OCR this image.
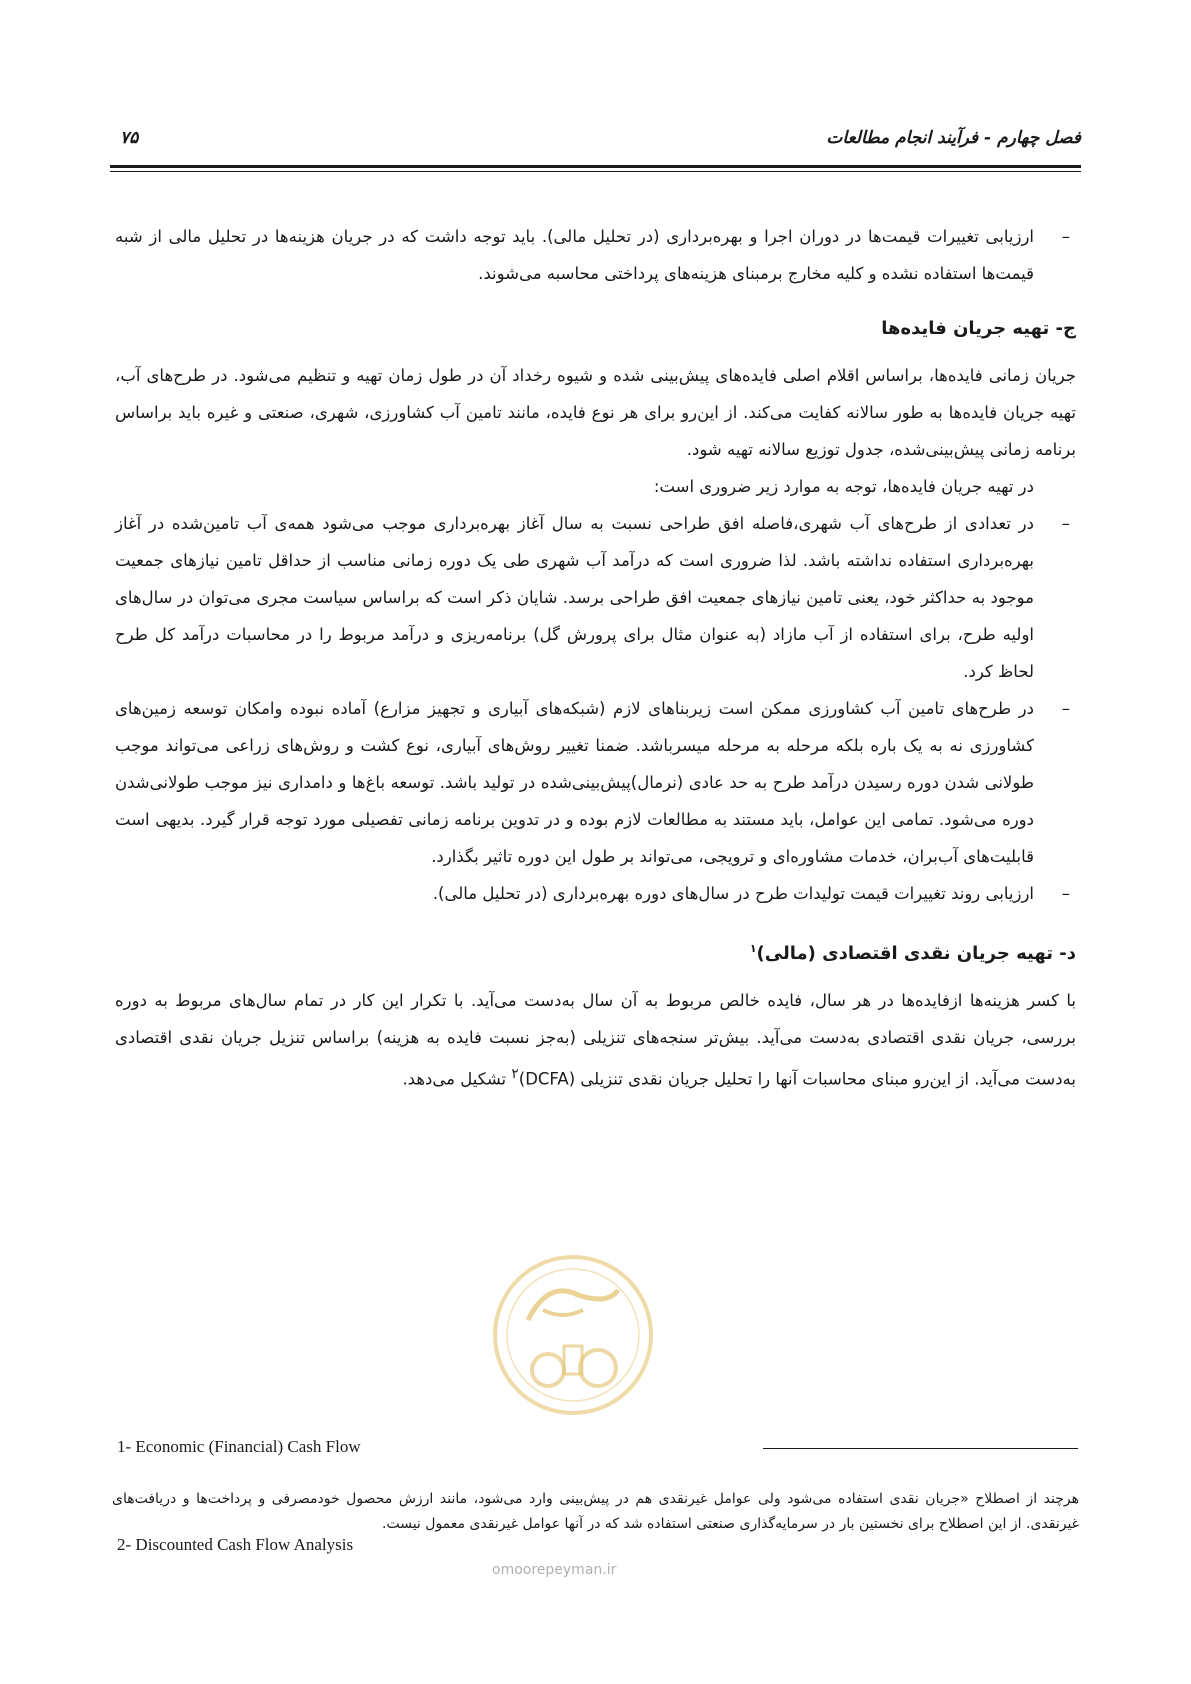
فصل چهارم - فرآیند انجام مطالعات
۷۵

–
ارزیابی تغییرات قیمت‌ها در دوران اجرا و بهره‌برداری (در تحلیل مالی). باید توجه داشت که در جریان هزینه‌ها در تحلیل مالی از شبه قیمت‌ها استفاده نشده و کلیه مخارج برمبنای هزینه‌های پرداختی محاسبه می‌شوند.

ج- تهیه جریان فایده‌ها

جریان زمانی فایده‌ها، براساس اقلام اصلی فایده‌های پیش‌بینی شده و شیوه رخداد آن در طول زمان تهیه و تنظیم می‌شود. در طرح‌های آب، تهیه جریان فایده‌ها به طور سالانه کفایت می‌کند. از این‌رو برای هر نوع فایده، مانند تامین آب کشاورزی، شهری، صنعتی و غیره باید براساس برنامه زمانی پیش‌بینی‌شده، جدول توزیع سالانه تهیه شود.

در تهیه جریان فایده‌ها، توجه به موارد زیر ضروری است:

–
در تعدادی از طرح‌های آب شهری،فاصله افق طراحی نسبت به سال آغاز بهره‌برداری موجب می‌شود همه‌ی آب تامین‌شده در آغاز بهره‌برداری استفاده نداشته باشد. لذا ضروری است که درآمد آب شهری طی یک دوره زمانی مناسب از حداقل تامین نیازهای جمعیت موجود به حداکثر خود، یعنی تامین نیازهای جمعیت افق طراحی برسد. شایان ذکر است که براساس سیاست مجری می‌توان در سال‌های اولیه طرح، برای استفاده از آب مازاد (به عنوان مثال برای پرورش گل) برنامه‌ریزی و درآمد مربوط را در محاسبات درآمد کل طرح لحاظ کرد.

–
در طرح‌های تامین آب کشاورزی ممکن است زیربناهای لازم (شبکه‌های آبیاری و تجهیز مزارع) آماده نبوده وامکان توسعه زمین‌های کشاورزی نه به یک باره بلکه مرحله به مرحله میسرباشد. ضمنا تغییر روش‌های آبیاری، نوع کشت و روش‌های زراعی می‌تواند موجب طولانی شدن دوره رسیدن درآمد طرح به حد عادی (نرمال)پیش‌بینی‌شده در تولید باشد. توسعه باغ‌ها و دامداری نیز موجب طولانی‌شدن دوره می‌شود. تمامی این عوامل، باید مستند به مطالعات لازم بوده و در تدوین برنامه زمانی تفصیلی مورد توجه قرار گیرد. بدیهی است قابلیت‌های آب‌بران، خدمات مشاوره‌ای و ترویجی، می‌تواند بر طول این دوره تاثیر بگذارد.

–
ارزیابی روند تغییرات قیمت تولیدات طرح در سال‌های دوره بهره‌برداری (در تحلیل مالی).

د- تهیه جریان نقدی اقتصادی (مالی)$^۱$

با کسر هزینه‌ها ازفایده‌ها در هر سال، فایده خالص مربوط به آن سال به‌دست می‌آید. با تکرار این کار در تمام سال‌های مربوط به دوره بررسی، جریان نقدی اقتصادی به‌دست می‌آید. بیش‌تر سنجه‌های تنزیلی (به‌جز نسبت فایده به هزینه) براساس تنزیل جریان نقدی اقتصادی به‌دست می‌آید. از این‌رو مبنای محاسبات آنها را تحلیل جریان نقدی تنزیلی (DCFA)$^۲$ تشکیل می‌دهد.

1- Economic (Financial) Cash Flow
هرچند از اصطلاح «جریان نقدی استفاده می‌شود ولی عوامل غیرنقدی هم در پیش‌بینی وارد می‌شود، مانند ارزش محصول خودمصرفی و پرداخت‌ها و دریافت‌های غیرنقدی. از این اصطلاح برای نخستین بار در سرمایه‌گذاری صنعتی استفاده شد که در آنها عوامل غیرنقدی معمول نیست.
2- Discounted Cash Flow Analysis
omoorepeyman.ir
